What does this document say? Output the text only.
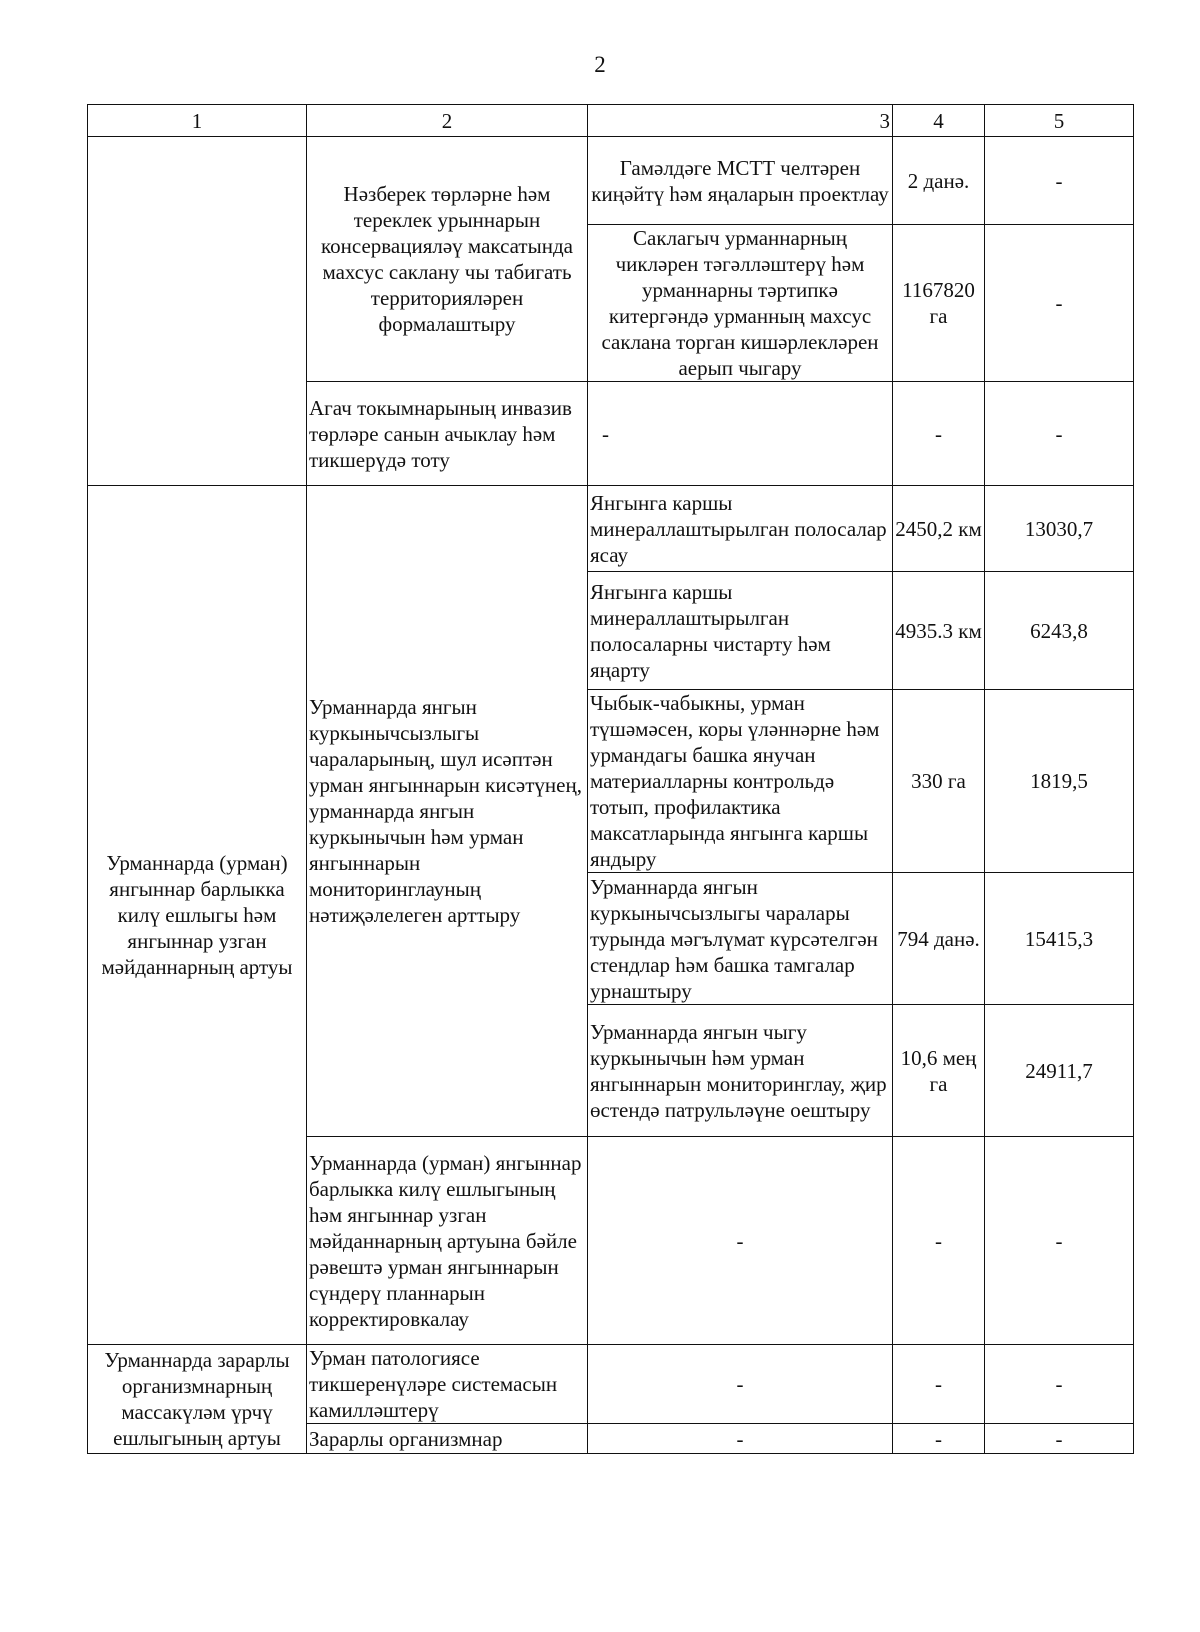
2
1	2	3	4	5
	Нәзберек төрләрне һәм тереклек урыннарын консервацияләү максатында махсус саклану чы табигать территорияләрен формалаштыру	Гамәлдәге МСТТ челтәрен киңәйтү һәм яңаларын проектлау	2 данә.	-
		Саклагыч урманнарның чикләрен тәгәлләштерү һәм урманнарны тәртипкә китергәндә урманның махсус саклана торган кишәрлекләрен аерып чыгару	1167820 га	-
	Агач токымнарының инвазив төрләре санын ачыклау һәм тикшерүдә тоту	-	-	-
Урманнарда (урман) янгыннар барлыкка килү ешлыгы һәм янгыннар узган мәйданнарның артуы	Урманнарда янгын куркынычсызлыгы чараларының, шул исәптән урман янгыннарын кисәтүнең, урманнарда янгын куркынычын һәм урман янгыннарын мониторинглауның нәтиҗәлелеген арттыру	Янгынга каршы минераллаштырылган полосалар ясау	2450,2 км	13030,7
		Янгынга каршы минераллаштырылган полосаларны чистарту һәм яңарту	4935.3 км	6243,8
		Чыбык-чабыкны, урман түшәмәсен, коры үләннәрне һәм урмандагы башка янучан материалларны контрольдә тотып, профилактика максатларында янгынга каршы яндыру	330 га	1819,5
		Урманнарда янгын куркынычсызлыгы чаралары турында мәгълүмат күрсәтелгән стендлар һәм башка тамгалар урнаштыру	794 данә.	15415,3
		Урманнарда янгын чыгу куркынычын һәм урман янгыннарын мониторинглау, җир өстендә патрульләүне оештыру	10,6 мең га	24911,7
	Урманнарда (урман) янгыннар барлыкка килү ешлыгының һәм янгыннар узган мәйданнарның артуына бәйле рәвештә урман янгыннарын сүндерү планнарын корректировкалау	-	-	-
Урманнарда зарарлы организмнарның массакүләм үрчү ешлыгының артуы	Урман патологиясе тикшеренүләре системасын камилләштерү	-	-	-
	Зарарлы организмнар	-	-	-
